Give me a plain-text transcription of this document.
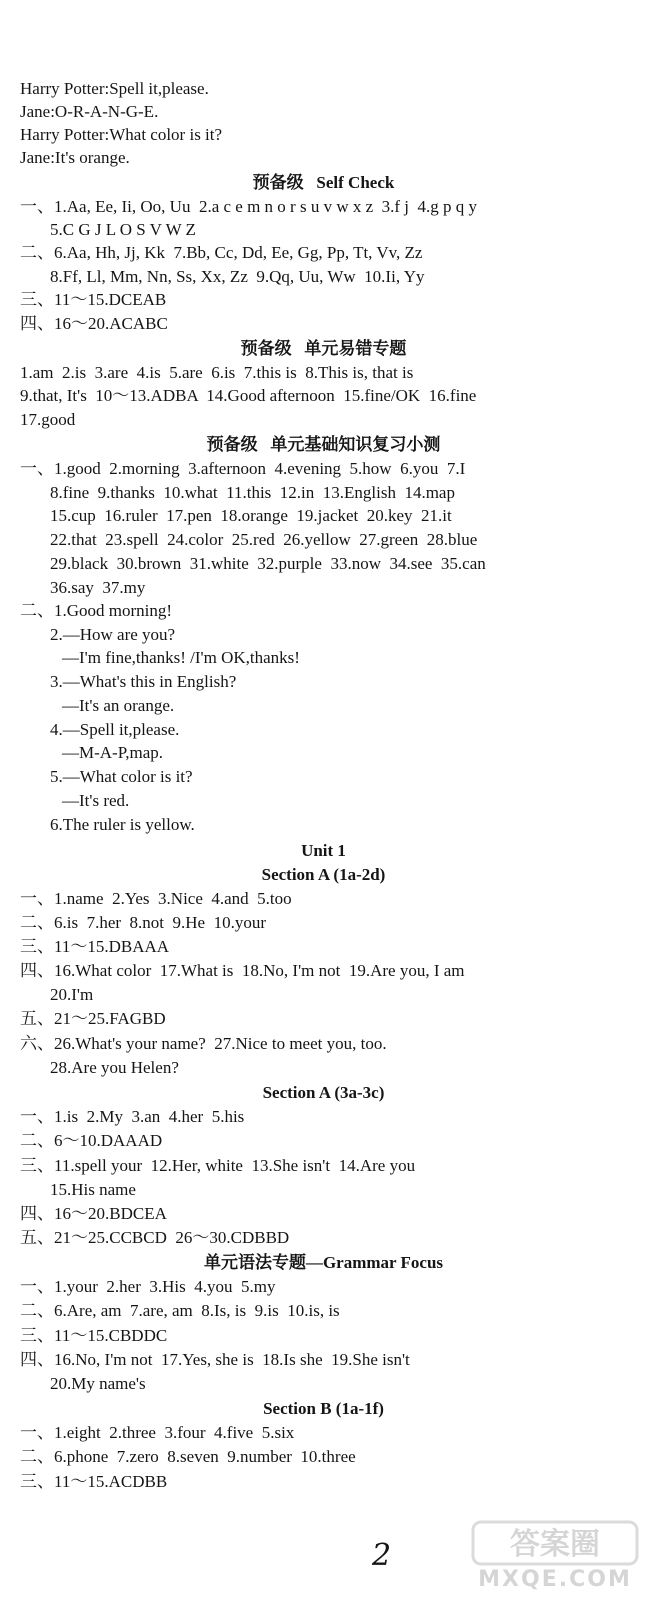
Harry Potter:Spell it,please.
Jane:O-R-A-N-G-E.
Harry Potter:What color is it?
Jane:It's orange.
预备级   Self Check
一、1.Aa, Ee, Ii, Oo, Uu  2.a c e m n o r s u v w x z  3.f j  4.g p q y
5.C G J L O S V W Z
二、6.Aa, Hh, Jj, Kk  7.Bb, Cc, Dd, Ee, Gg, Pp, Tt, Vv, Zz
8.Ff, Ll, Mm, Nn, Ss, Xx, Zz  9.Qq, Uu, Ww  10.Ii, Yy
三、11～15.DCEAB
四、16～20.ACABC
预备级   单元易错专题
1.am  2.is  3.are  4.is  5.are  6.is  7.this is  8.This is, that is
9.that, It's  10～13.ADBA  14.Good afternoon  15.fine/OK  16.fine
17.good
预备级   单元基础知识复习小测
一、1.good  2.morning  3.afternoon  4.evening  5.how  6.you  7.I
8.fine  9.thanks  10.what  11.this  12.in  13.English  14.map
15.cup  16.ruler  17.pen  18.orange  19.jacket  20.key  21.it
22.that  23.spell  24.color  25.red  26.yellow  27.green  28.blue
29.black  30.brown  31.white  32.purple  33.now  34.see  35.can
36.say  37.my
二、1.Good morning!
2.—How are you?
—I'm fine,thanks! /I'm OK,thanks!
3.—What's this in English?
—It's an orange.
4.—Spell it,please.
—M-A-P,map.
5.—What color is it?
—It's red.
6.The ruler is yellow.
Unit 1
Section A (1a-2d)
一、1.name  2.Yes  3.Nice  4.and  5.too
二、6.is  7.her  8.not  9.He  10.your
三、11～15.DBAAA
四、16.What color  17.What is  18.No, I'm not  19.Are you, I am
20.I'm
五、21～25.FAGBD
六、26.What's your name?  27.Nice to meet you, too.
28.Are you Helen?
Section A (3a-3c)
一、1.is  2.My  3.an  4.her  5.his
二、6～10.DAAAD
三、11.spell your  12.Her, white  13.She isn't  14.Are you
15.His name
四、16～20.BDCEA
五、21～25.CCBCD  26～30.CDBBD
单元语法专题—Grammar Focus
一、1.your  2.her  3.His  4.you  5.my
二、6.Are, am  7.are, am  8.Is, is  9.is  10.is, is
三、11～15.CBDDC
四、16.No, I'm not  17.Yes, she is  18.Is she  19.She isn't
20.My name's
Section B (1a-1f)
一、1.eight  2.three  3.four  4.five  5.six
二、6.phone  7.zero  8.seven  9.number  10.three
三、11～15.ACDBB
2	答案圈
MXQE.COM
